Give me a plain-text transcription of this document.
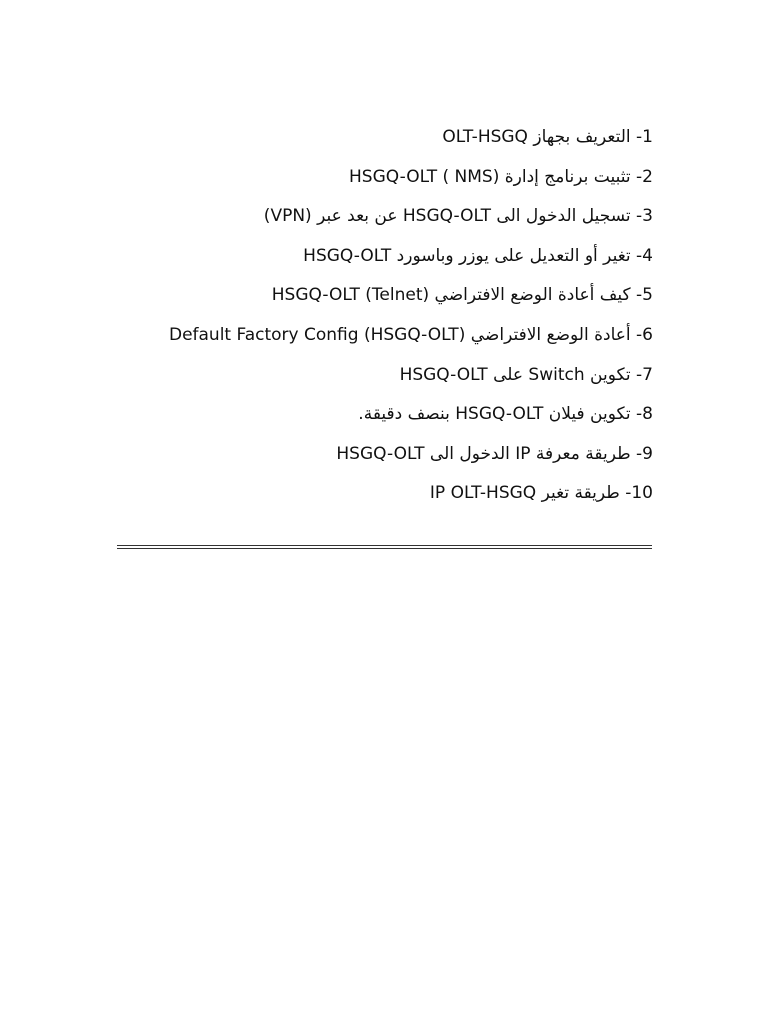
1- التعريف بجهاز OLT-HSGQ
2- تثبيت برنامج إدارة HSGQ-OLT ( NMS)
3- تسجيل الدخول الى HSGQ-OLT عن بعد عبر (VPN)
4- تغير أو التعديل على يوزر وباسورد HSGQ-OLT
5- كيف أعادة الوضع الافتراضي (HSGQ-OLT (Telnet
6- أعادة الوضع الافتراضي (Default Factory Config (HSGQ-OLT
7- تكوين Switch على HSGQ-OLT
8- تكوين فيلان HSGQ-OLT بنصف دقيقة.
9- طريقة معرفة IP الدخول الى HSGQ-OLT
10- طريقة تغير IP OLT-HSGQ
